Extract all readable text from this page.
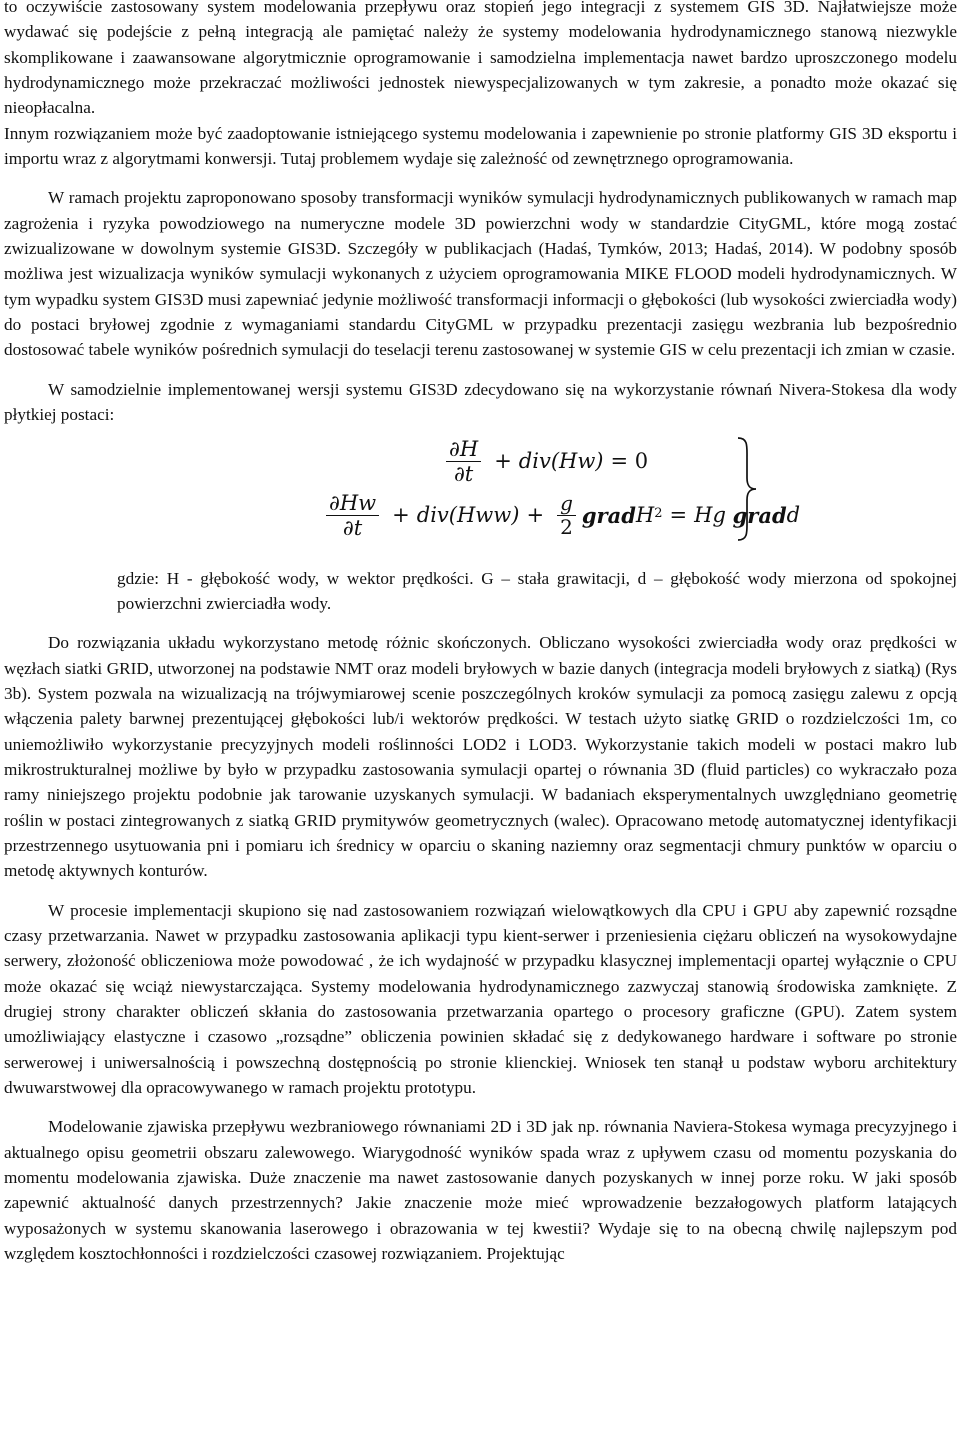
to oczywiście zastosowany system modelowania przepływu oraz stopień jego integracji z systemem GIS 3D. Najłatwiejsze może wydawać się podejście z pełną integracją ale pamiętać należy że systemy modelowania hydrodynamicznego stanową niezwykle skomplikowane i zaawansowane algorytmicznie oprogramowanie i samodzielna implementacja nawet bardzo uproszczonego modelu hydrodynamicznego może przekraczać możliwości jednostek niewyspecjalizowanych w tym zakresie, a ponadto może okazać się nieopłacalna.

Innym rozwiązaniem może być zaadoptowanie istniejącego systemu modelowania i zapewnienie po stronie platformy GIS 3D eksportu i importu wraz z algorytmami konwersji. Tutaj problemem wydaje się zależność od zewnętrznego oprogramowania.

W ramach projektu zaproponowano sposoby transformacji wyników symulacji hydrodynamicznych publikowanych w ramach map zagrożenia i ryzyka powodziowego na numeryczne modele 3D powierzchni wody w standardzie CityGML, które mogą zostać zwizualizowane w dowolnym systemie GIS3D. Szczegóły w publikacjach (Hadaś, Tymków, 2013; Hadaś, 2014). W podobny sposób możliwa jest wizualizacja wyników symulacji wykonanych z użyciem oprogramowania MIKE FLOOD modeli hydrodynamicznych. W tym wypadku system GIS3D musi zapewniać jedynie możliwość transformacji informacji o głębokości (lub wysokości zwierciadła wody) do postaci bryłowej zgodnie z wymaganiami standardu CityGML w przypadku prezentacji zasięgu wezbrania lub bezpośrednio dostosować tabele wyników pośrednich symulacji do teselacji terenu zastosowanej w systemie GIS w celu prezentacji ich zmian w czasie.

W samodzielnie implementowanej wersji systemu GIS3D zdecydowano się na wykorzystanie równań Nivera-Stokesa dla wody płytkiej postaci:

$\frac{\partial H}{\partial t} + div(Hw) = 0$
$\frac{\partial Hw}{\partial t} + div(Hww) + \frac{g}{2}$ grad H 2 = Hg
grad d

gdzie: H - głębokość wody, w wektor prędkości. G – stała grawitacji, d – głębokość wody mierzona od spokojnej powierzchni zwierciadła wody.

Do rozwiązania układu wykorzystano metodę różnic skończonych. Obliczano wysokości zwierciadła wody oraz prędkości w węzłach siatki GRID, utworzonej na podstawie NMT oraz modeli bryłowych w bazie danych (integracja modeli bryłowych z siatką) (Rys 3b). System pozwala na wizualizacją na trójwymiarowej scenie poszczególnych kroków symulacji za pomocą zasięgu zalewu z opcją włączenia palety barwnej prezentującej głębokości lub/i wektorów prędkości. W testach użyto siatkę GRID o rozdzielczości 1m, co uniemożliwiło wykorzystanie precyzyjnych modeli roślinności LOD2 i LOD3. Wykorzystanie takich modeli w postaci makro lub mikrostrukturalnej możliwe by było w przypadku zastosowania symulacji opartej o równania 3D (fluid particles) co wykraczało poza ramy niniejszego projektu podobnie jak tarowanie uzyskanych symulacji. W badaniach eksperymentalnych uwzględniano geometrię roślin w postaci zintegrowanych z siatką GRID prymitywów geometrycznych (walec). Opracowano metodę automatycznej identyfikacji przestrzennego usytuowania pni i pomiaru ich średnicy w oparciu o skaning naziemny oraz segmentacji chmury punktów w oparciu o metodę aktywnych konturów.

W procesie implementacji skupiono się nad zastosowaniem rozwiązań wielowątkowych dla CPU i GPU aby zapewnić rozsądne czasy przetwarzania. Nawet w przypadku zastosowania aplikacji typu kient-serwer i przeniesienia ciężaru obliczeń na wysokowydajne serwery, złożoność obliczeniowa może powodować , że ich wydajność w przypadku klasycznej implementacji opartej wyłącznie o CPU może okazać się wciąż niewystarczająca. Systemy modelowania hydrodynamicznego zazwyczaj stanowią środowiska zamknięte. Z drugiej strony charakter obliczeń skłania do zastosowania przetwarzania opartego o procesory graficzne (GPU). Zatem system umożliwiający elastyczne i czasowo „rozsądne” obliczenia powinien składać się z dedykowanego hardware i software po stronie serwerowej i uniwersalnością i powszechną dostępnością po stronie klienckiej. Wniosek ten stanął u podstaw wyboru architektury dwuwarstwowej dla opracowywanego w ramach projektu prototypu.

Modelowanie zjawiska przepływu wezbraniowego równaniami 2D i 3D jak np. równania Naviera-Stokesa wymaga precyzyjnego i aktualnego opisu geometrii obszaru zalewowego. Wiarygodność wyników spada wraz z upływem czasu od momentu pozyskania do momentu modelowania zjawiska. Duże znaczenie ma nawet zastosowanie danych pozyskanych w innej porze roku. W jaki sposób zapewnić aktualność danych przestrzennych? Jakie znaczenie może mieć wprowadzenie bezzałogowych platform latających wyposażonych w systemu skanowania laserowego i obrazowania w tej kwestii? Wydaje się to na obecną chwilę najlepszym pod względem kosztochłonności i rozdzielczości czasowej rozwiązaniem. Projektując
